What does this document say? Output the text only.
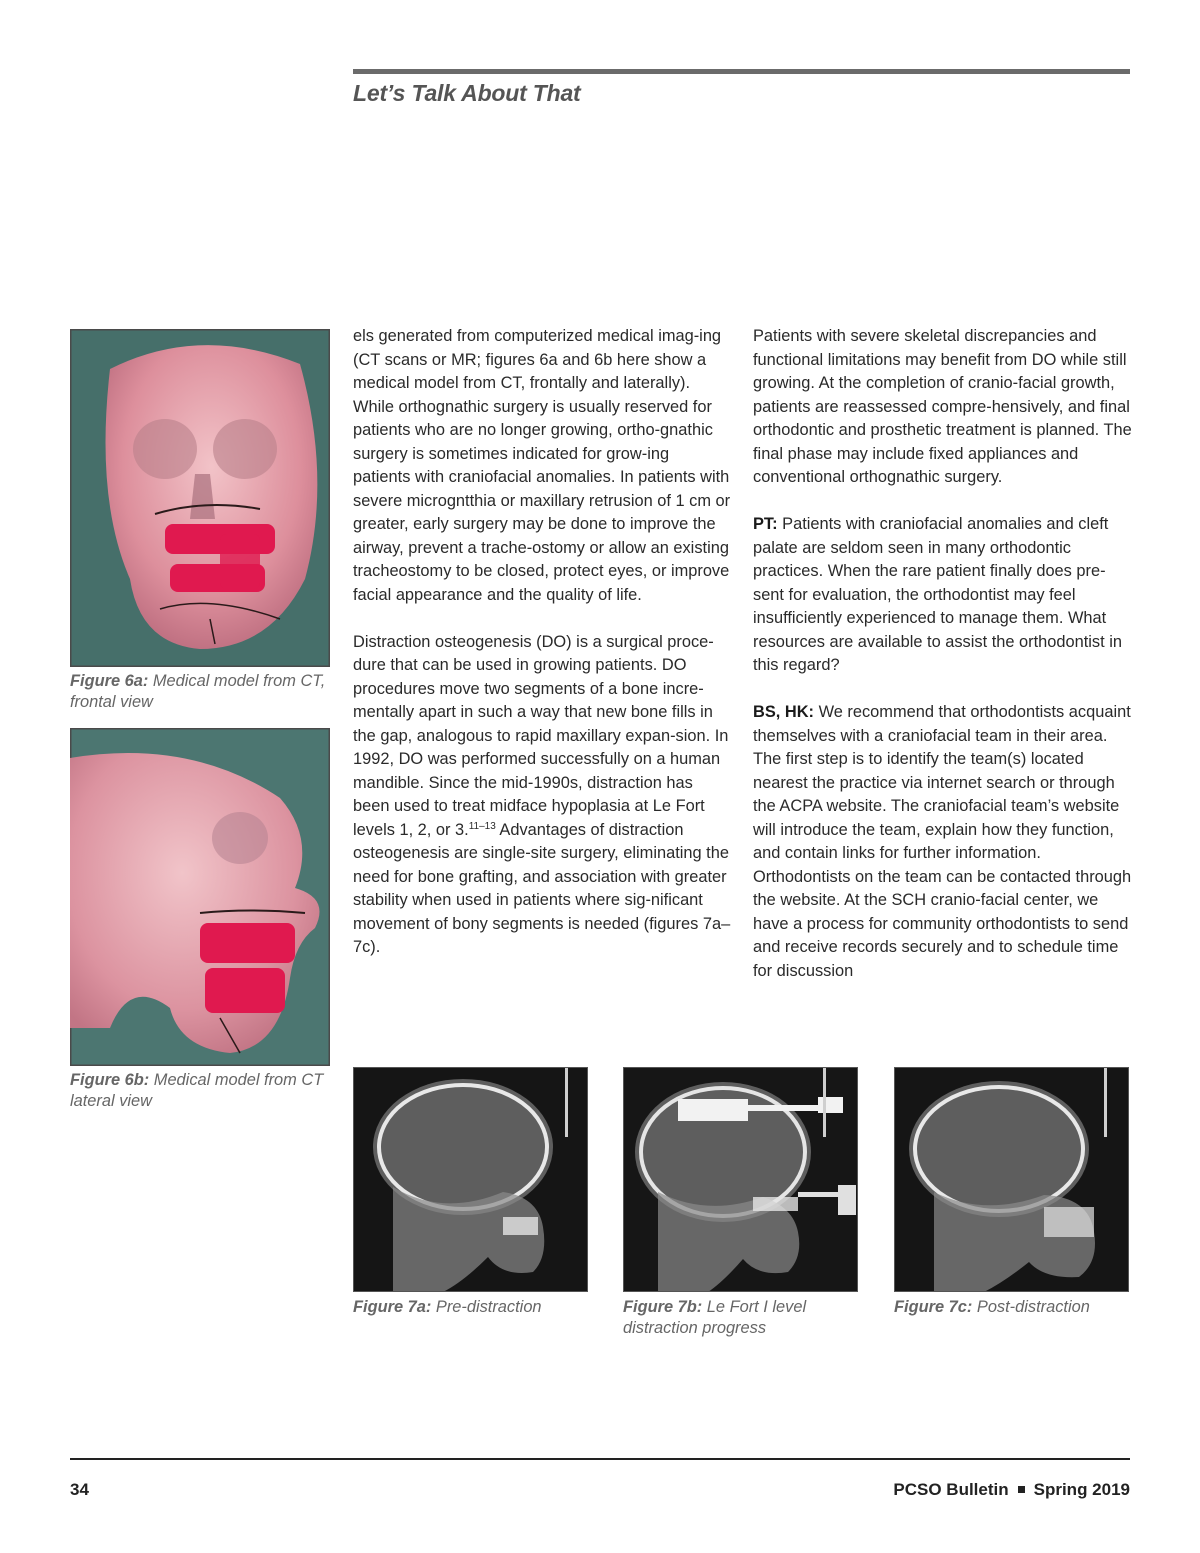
Let’s Talk About That
Figure 6a: Medical model from CT, frontal view
Figure 6b: Medical model from CT lateral view

els generated from computerized medical imag-ing (CT scans or MR; figures 6a and 6b here show a medical model from CT, frontally and laterally). While orthognathic surgery is usually reserved for patients who are no longer growing, ortho-gnathic surgery is sometimes indicated for grow-ing patients with craniofacial anomalies. In patients with severe microgntthia or maxillary retrusion of 1 cm or greater, early surgery may be done to improve the airway, prevent a trache-ostomy or allow an existing tracheostomy to be closed, protect eyes, or improve facial appearance and the quality of life.

Distraction osteogenesis (DO) is a surgical proce-dure that can be used in growing patients. DO procedures move two segments of a bone incre-mentally apart in such a way that new bone fills in the gap, analogous to rapid maxillary expan-sion. In 1992, DO was performed successfully on a human mandible. Since the mid-1990s, distraction has been used to treat midface hypoplasia at Le Fort levels 1, 2, or 3.$^{11-13}$ Advantages of distraction osteogenesis are single-site surgery, eliminating the need for bone grafting, and association with greater stability when used in patients where sig-nificant movement of bony segments is needed (figures 7a–7c).

Patients with severe skeletal discrepancies and functional limitations may benefit from DO while still growing. At the completion of cranio-facial growth, patients are reassessed compre-hensively, and final orthodontic and prosthetic treatment is planned. The final phase may include fixed appliances and conventional orthognathic surgery.

PT: Patients with craniofacial anomalies and cleft palate are seldom seen in many orthodontic practices. When the rare patient finally does pre-sent for evaluation, the orthodontist may feel insufficiently experienced to manage them. What resources are available to assist the orthodontist in this regard?

BS, HK: We recommend that orthodontists acquaint themselves with a craniofacial team in their area. The first step is to identify the team(s) located nearest the practice via internet search or through the ACPA website. The craniofacial team’s website will introduce the team, explain how they function, and contain links for further information. Orthodontists on the team can be contacted through the website. At the SCH cranio-facial center, we have a process for community orthodontists to send and receive records securely and to schedule time for discussion

Figure 7a: Pre-distraction	Figure 7b: Le Fort I level distraction progress
Figure 7c: Post-distraction
34	PCSO Bulletin Spring 2019
